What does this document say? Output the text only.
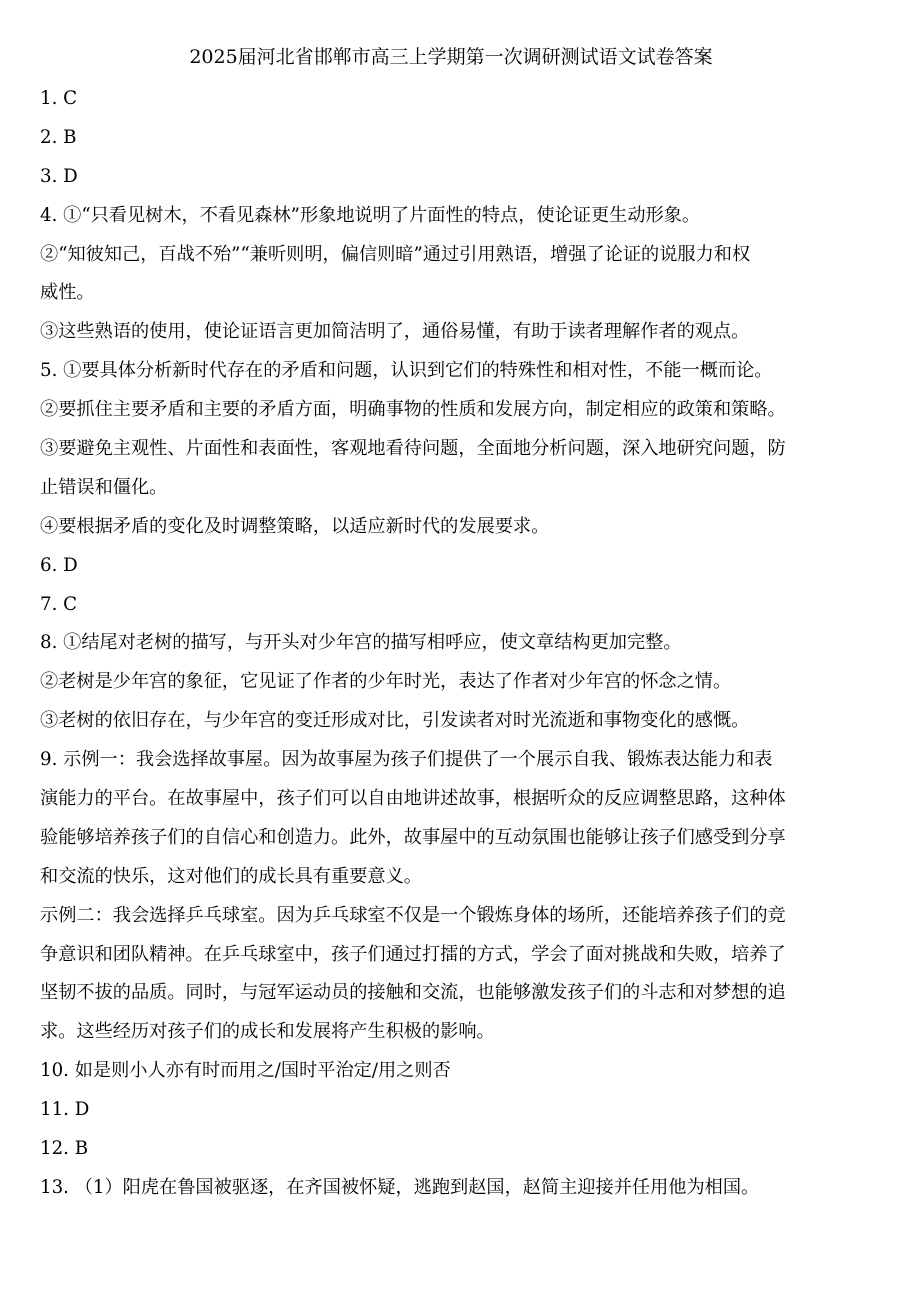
2025届河北省邯郸市高三上学期第一次调研测试语文试卷答案
1. C
2. B
3. D
4. ①“只看见树木，不看见森林”形象地说明了片面性的特点，使论证更生动形象。
②“知彼知己，百战不殆”“兼听则明，偏信则暗”通过引用熟语，增强了论证的说服力和权
威性。
③这些熟语的使用，使论证语言更加简洁明了，通俗易懂，有助于读者理解作者的观点。
5. ①要具体分析新时代存在的矛盾和问题，认识到它们的特殊性和相对性，不能一概而论。
②要抓住主要矛盾和主要的矛盾方面，明确事物的性质和发展方向，制定相应的政策和策略。
③要避免主观性、片面性和表面性，客观地看待问题，全面地分析问题，深入地研究问题，防
止错误和僵化。
④要根据矛盾的变化及时调整策略，以适应新时代的发展要求。
6. D
7. C
8. ①结尾对老树的描写，与开头对少年宫的描写相呼应，使文章结构更加完整。
②老树是少年宫的象征，它见证了作者的少年时光，表达了作者对少年宫的怀念之情。
③老树的依旧存在，与少年宫的变迁形成对比，引发读者对时光流逝和事物变化的感慨。
9. 示例一：我会选择故事屋。因为故事屋为孩子们提供了一个展示自我、锻炼表达能力和表
演能力的平台。在故事屋中，孩子们可以自由地讲述故事，根据听众的反应调整思路，这种体
验能够培养孩子们的自信心和创造力。此外，故事屋中的互动氛围也能够让孩子们感受到分享
和交流的快乐，这对他们的成长具有重要意义。
示例二：我会选择乒乓球室。因为乒乓球室不仅是一个锻炼身体的场所，还能培养孩子们的竞
争意识和团队精神。在乒乓球室中，孩子们通过打擂的方式，学会了面对挑战和失败，培养了
坚韧不拔的品质。同时，与冠军运动员的接触和交流，也能够激发孩子们的斗志和对梦想的追
求。这些经历对孩子们的成长和发展将产生积极的影响。
10. 如是则小人亦有时而用之/国时平治定/用之则否
11. D
12. B
13. （1）阳虎在鲁国被驱逐，在齐国被怀疑，逃跑到赵国，赵简主迎接并任用他为相国。
